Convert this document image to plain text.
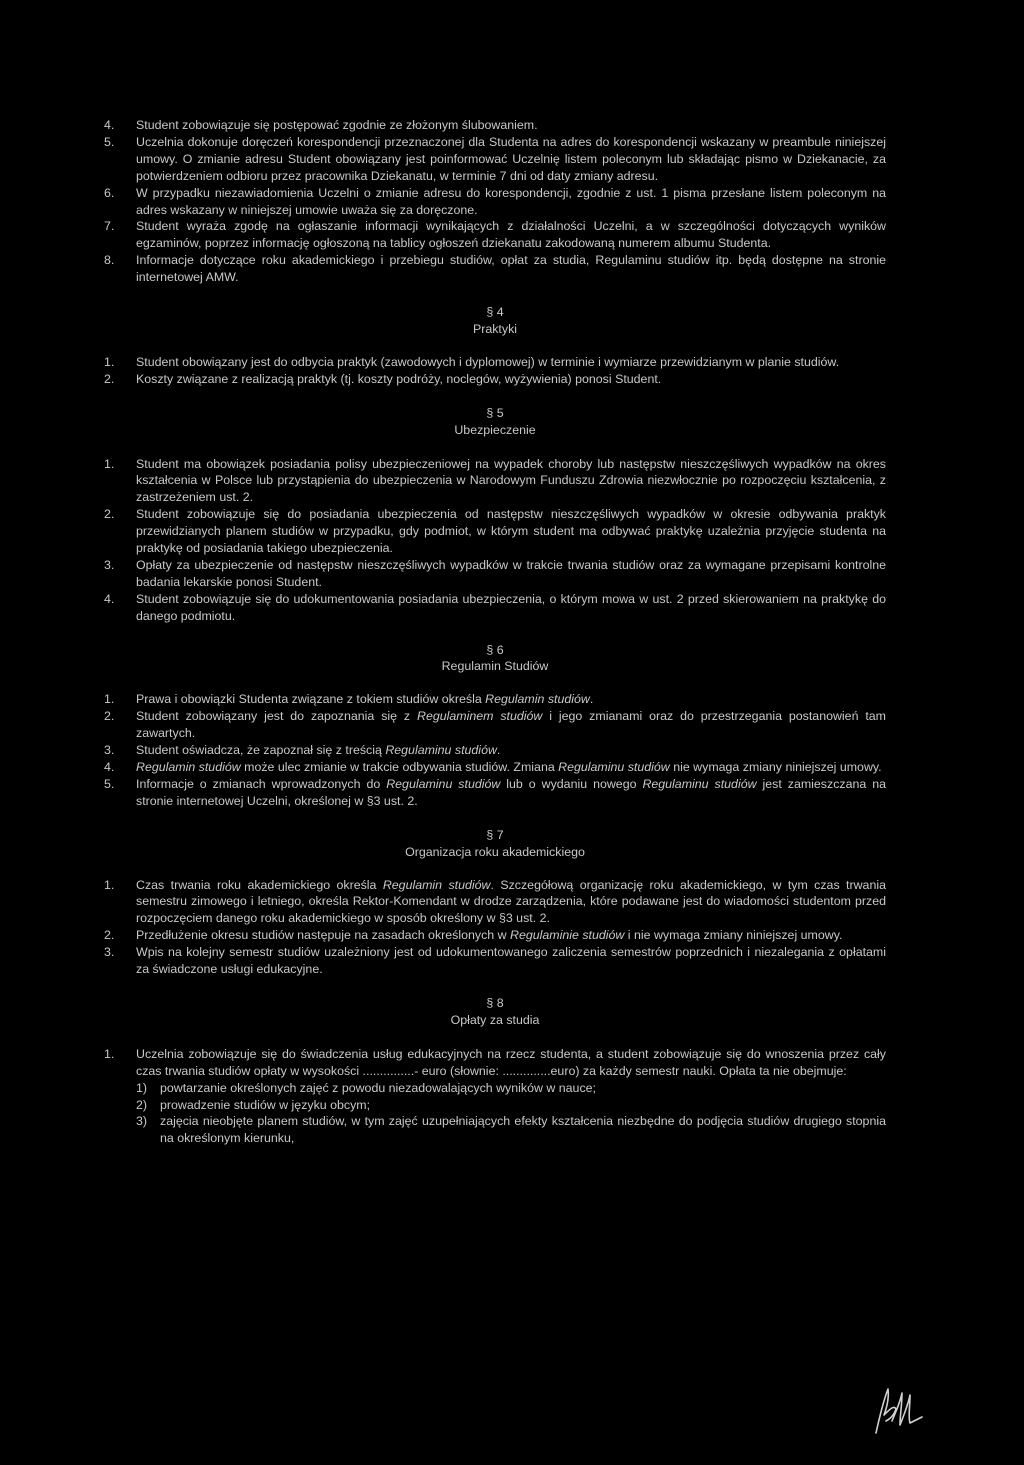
4.	Student zobowiązuje się postępować zgodnie ze złożonym ślubowaniem.
5.	Uczelnia dokonuje doręczeń korespondencji przeznaczonej dla Studenta na adres do korespondencji wskazany w preambule niniejszej umowy. O zmianie adresu Student obowiązany jest poinformować Uczelnię listem poleconym lub składając pismo w Dziekanacie, za potwierdzeniem odbioru przez pracownika Dziekanatu, w terminie 7 dni od daty zmiany adresu.
6.	W przypadku niezawiadomienia Uczelni o zmianie adresu do korespondencji, zgodnie z ust. 1 pisma przesłane listem poleconym na adres wskazany w niniejszej umowie uważa się za doręczone.
7.	Student wyraża zgodę na ogłaszanie informacji wynikających z działalności Uczelni, a w szczególności dotyczących wyników egzaminów, poprzez informację ogłoszoną na tablicy ogłoszeń dziekanatu zakodowaną numerem albumu Studenta.
8.	Informacje dotyczące roku akademickiego i przebiegu studiów, opłat za studia, Regulaminu studiów itp. będą dostępne na stronie internetowej AMW.
§ 4
Praktyki
1.	Student obowiązany jest do odbycia praktyk (zawodowych i dyplomowej) w terminie i wymiarze przewidzianym w planie studiów.
2.	Koszty związane z realizacją praktyk (tj. koszty podróży, noclegów, wyżywienia) ponosi Student.
§ 5
Ubezpieczenie
1.	Student ma obowiązek posiadania polisy ubezpieczeniowej na wypadek choroby lub następstw nieszczęśliwych wypadków na okres kształcenia w Polsce lub przystąpienia do ubezpieczenia w Narodowym Funduszu Zdrowia niezwłocznie po rozpoczęciu kształcenia, z zastrzeżeniem ust. 2.
2.	Student zobowiązuje się do posiadania ubezpieczenia od następstw nieszczęśliwych wypadków w okresie odbywania praktyk przewidzianych planem studiów w przypadku, gdy podmiot, w którym student ma odbywać praktykę uzależnia przyjęcie studenta na praktykę od posiadania takiego ubezpieczenia.
3.	Opłaty za ubezpieczenie od następstw nieszczęśliwych wypadków w trakcie trwania studiów oraz za wymagane przepisami kontrolne badania lekarskie ponosi Student.
4.	Student zobowiązuje się do udokumentowania posiadania ubezpieczenia, o którym mowa w ust. 2 przed skierowaniem na praktykę do danego podmiotu.
§ 6
Regulamin Studiów
1.	Prawa i obowiązki Studenta związane z tokiem studiów określa Regulamin studiów.
2.	Student zobowiązany jest do zapoznania się z Regulaminem studiów i jego zmianami oraz do przestrzegania postanowień tam zawartych.
3.	Student oświadcza, że zapoznał się z treścią Regulaminu studiów.
4.	Regulamin studiów może ulec zmianie w trakcie odbywania studiów. Zmiana Regulaminu studiów nie wymaga zmiany niniejszej umowy.
5.	Informacje o zmianach wprowadzonych do Regulaminu studiów lub o wydaniu nowego Regulaminu studiów jest zamieszczana na stronie internetowej Uczelni, określonej w §3 ust. 2.
§ 7
Organizacja roku akademickiego
1.	Czas trwania roku akademickiego określa Regulamin studiów. Szczegółową organizację roku akademickiego, w tym czas trwania semestru zimowego i letniego, określa Rektor-Komendant w drodze zarządzenia, które podawane jest do wiadomości studentom przed rozpoczęciem danego roku akademickiego w sposób określony w §3 ust. 2.
2.	Przedłużenie okresu studiów następuje na zasadach określonych w Regulaminie studiów i nie wymaga zmiany niniejszej umowy.
3.	Wpis na kolejny semestr studiów uzależniony jest od udokumentowanego zaliczenia semestrów poprzednich i niezalegania z opłatami za świadczone usługi edukacyjne.
§ 8
Opłaty za studia
1.	Uczelnia zobowiązuje się do świadczenia usług edukacyjnych na rzecz studenta, a student zobowiązuje się do wnoszenia przez cały czas trwania studiów opłaty w wysokości ...............- euro (słownie: ..............euro) za każdy semestr nauki. Opłata ta nie obejmuje:
1)	powtarzanie określonych zajęć z powodu niezadowalających wyników w nauce;
2)	prowadzenie studiów w języku obcym;
3)	zajęcia nieobjęte planem studiów, w tym zajęć uzupełniających efekty kształcenia niezbędne do podjęcia studiów drugiego stopnia na określonym kierunku,
